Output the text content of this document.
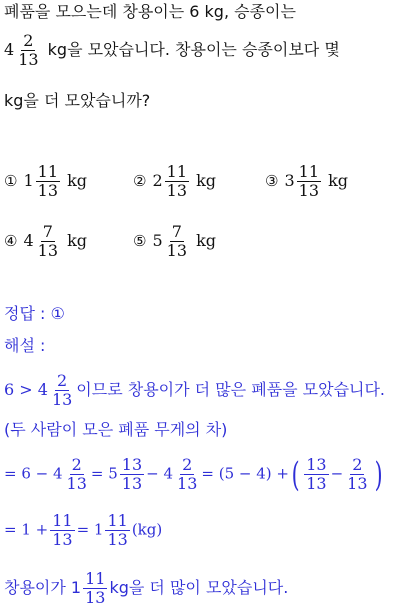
폐품을 모으는데 창용이는 6 kg, 승종이는
$4 \frac{2}{13}$ kg을 모았습니다. 창용이는 승종이보다 몇
kg을 더 모았습니까?
① $1 \frac{11}{13}$ kg	② $2 \frac{11}{13}$ kg	③ $3 \frac{11}{13}$ kg
④ $4 \frac{7}{13}$ kg	⑤ $5 \frac{7}{13}$ kg
정답 : ①
해설 :
$6 > 4 \frac{2}{13}$ 이므로 창용이가 더 많은 폐품을 모았습니다.
(두 사람이 모은 폐품 무게의 차)
= $6 - 4 \frac{2}{13} = 5 \frac{13}{13} - 4 \frac{2}{13} = (5 - 4)$ +( $\frac{13}{13} - \frac{2}{13}$ )
= $1 + \frac{11}{13} = 1 \frac{11}{13} (kg)$
창용이가 $1 \frac{11}{13}$ kg을 더 많이 모았습니다.
